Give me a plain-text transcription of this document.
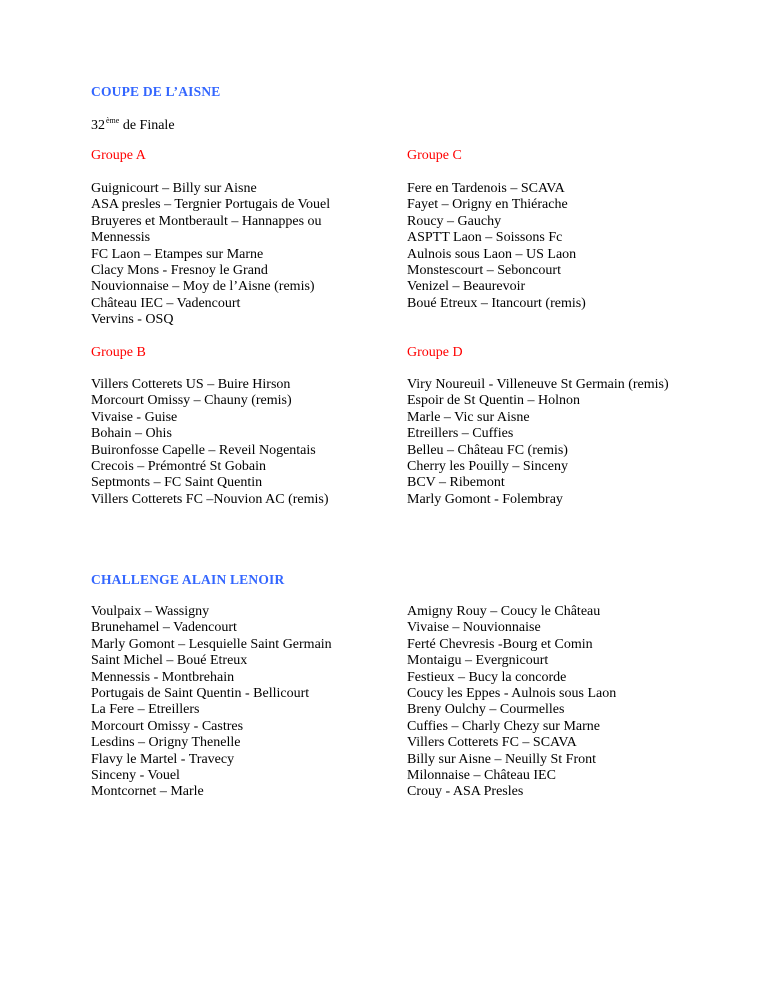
COUPE DE L’AISNE
32ème de Finale
Groupe A	Groupe C
Guignicourt – Billy sur Aisne
ASA presles – Tergnier Portugais de Vouel
Bruyeres et Montberault – Hannappes ou Mennessis
FC Laon – Etampes sur Marne
Clacy Mons - Fresnoy le Grand
Nouvionnaise – Moy de l’Aisne (remis)
Château IEC – Vadencourt
Vervins - OSQ
Fere en Tardenois – SCAVA
Fayet – Origny en Thiérache
Roucy – Gauchy
ASPTT Laon – Soissons Fc
Aulnois sous Laon – US Laon
Monstescourt – Seboncourt
Venizel – Beaurevoir
Boué Etreux – Itancourt (remis)
Groupe B	Groupe D
Villers Cotterets US – Buire Hirson
Morcourt Omissy – Chauny (remis)
Vivaise - Guise
Bohain – Ohis
Buironfosse Capelle – Reveil Nogentais
Crecois – Prémontré St Gobain
Septmonts – FC Saint Quentin
Villers Cotterets FC –Nouvion AC (remis)
Viry Noureuil - Villeneuve St Germain (remis)
Espoir de St Quentin – Holnon
Marle – Vic sur Aisne
Etreillers – Cuffies
Belleu – Château FC (remis)
Cherry les Pouilly – Sinceny
BCV – Ribemont
Marly Gomont - Folembray
CHALLENGE ALAIN LENOIR
Voulpaix – Wassigny
Brunehamel – Vadencourt
Marly Gomont – Lesquielle Saint Germain
Saint Michel – Boué Etreux
Mennessis - Montbrehain
Portugais de Saint Quentin - Bellicourt
La Fere – Etreillers
Morcourt Omissy - Castres
Lesdins – Origny Thenelle
Flavy le Martel - Travecy
Sinceny - Vouel
Montcornet – Marle
Amigny Rouy – Coucy le Château
Vivaise – Nouvionnaise
Ferté Chevresis -Bourg et Comin
Montaigu – Evergnicourt
Festieux – Bucy la concorde
Coucy les Eppes - Aulnois sous Laon
Breny Oulchy – Courmelles
Cuffies – Charly Chezy sur Marne
Villers Cotterets FC – SCAVA
Billy sur Aisne – Neuilly St Front
Milonnaise – Château IEC
Crouy - ASA Presles
